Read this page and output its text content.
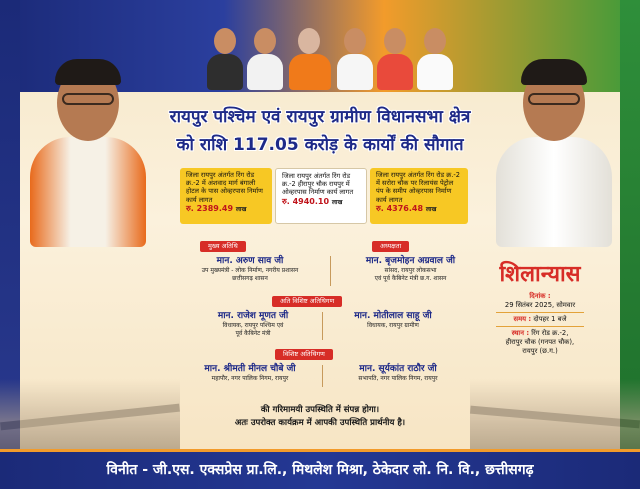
रायपुर पश्चिम एवं रायपुर ग्रामीण विधानसभा क्षेत्र
को राशि 117.05 करोड़ के कार्यों की सौगात
जिला रायपुर अंतर्गत रिंग रोड क्र.-2 में अंशवाद मार्ग बंगाली होटल के पास ओव्हरपास निर्माण कार्य लागत
रु. 2389.49 लाख
जिला रायपुर अंतर्गत रिंग रोड क्र.-2 हीरापुर चौक रायपुर में ओव्हरपास निर्माण कार्य लागत
रु. 4940.10 लाख
जिला रायपुर अंतर्गत रिंग रोड क्र.-2 में सरोरा चौक पर रिलायंस पेट्रोल पंप के समीप ओव्हरपास निर्माण कार्य लागत
रु. 4376.48 लाख
मुख्य अतिथि	अध्यक्षता
मान. अरुण साव जी
उप मुख्यमंत्री - लोक निर्माण, नगरीय प्रशासन
छत्तीसगढ़ शासन
मान. बृजमोहन अग्रवाल जी
सांसद, रायपुर लोकसभा
एवं पूर्व कैबिनेट मंत्री छ.ग. शासन
अति विशिष्ट अतिथिगण
मान. राजेश मूणत जी
विधायक, रायपुर पश्चिम एवं
पूर्व कैबिनेट मंत्री
मान. मोतीलाल साहू जी
विधायक, रायपुर ग्रामीण
विशिष्ट अतिथिगण
मान. श्रीमती मीनल चौबे जी
महापौर, नगर पालिक निगम, रायपुर
मान. सूर्यकांत राठौर जी
सभापति, नगर पालिक निगम, रायपुर
शिलान्यास
दिनांक :
29 सितंबर 2025, सोमवार
समय : दोपहर 1 बजे
स्थान : रिंग रोड क्र.-2,
हीरापुर चौक (गनपत चौक),
रायपुर (छ.ग.)
की गरिमामयी उपस्थिति में संपन्न होगा।
अतः उपरोक्त कार्यक्रम में आपकी उपस्थिति प्रार्थनीय है।
विनीत - जी.एस. एक्सप्रेस प्रा.लि., मिथलेश मिश्रा, ठेकेदार लो. नि. वि., छत्तीसगढ़
